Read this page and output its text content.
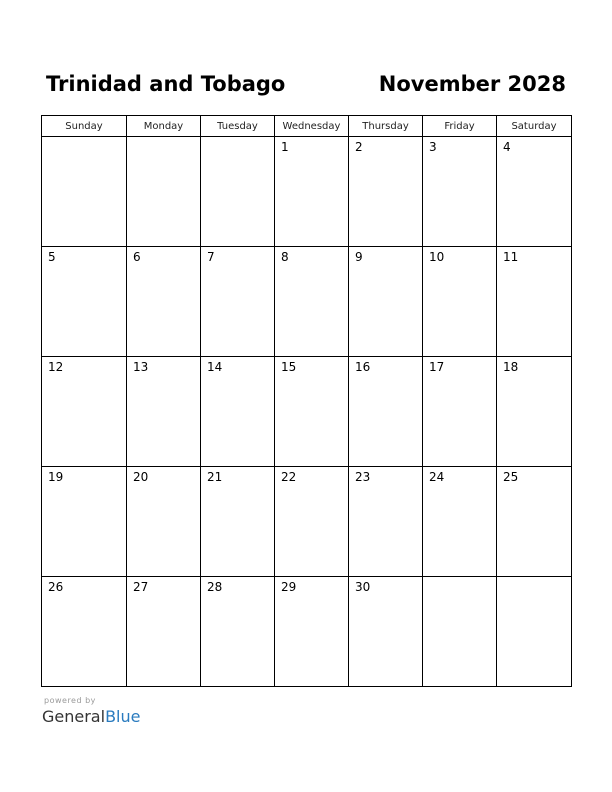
Trinidad and Tobago	November 2028
Sunday	Monday	Tuesday	Wednesday	Thursday	Friday	Saturday

			1	2	3	4

5	6	7	8	9	10	11

12	13	14	15	16	17	18

19	20	21	22	23	24	25

26	27	28	29	30		

powered by
GeneralBlue
